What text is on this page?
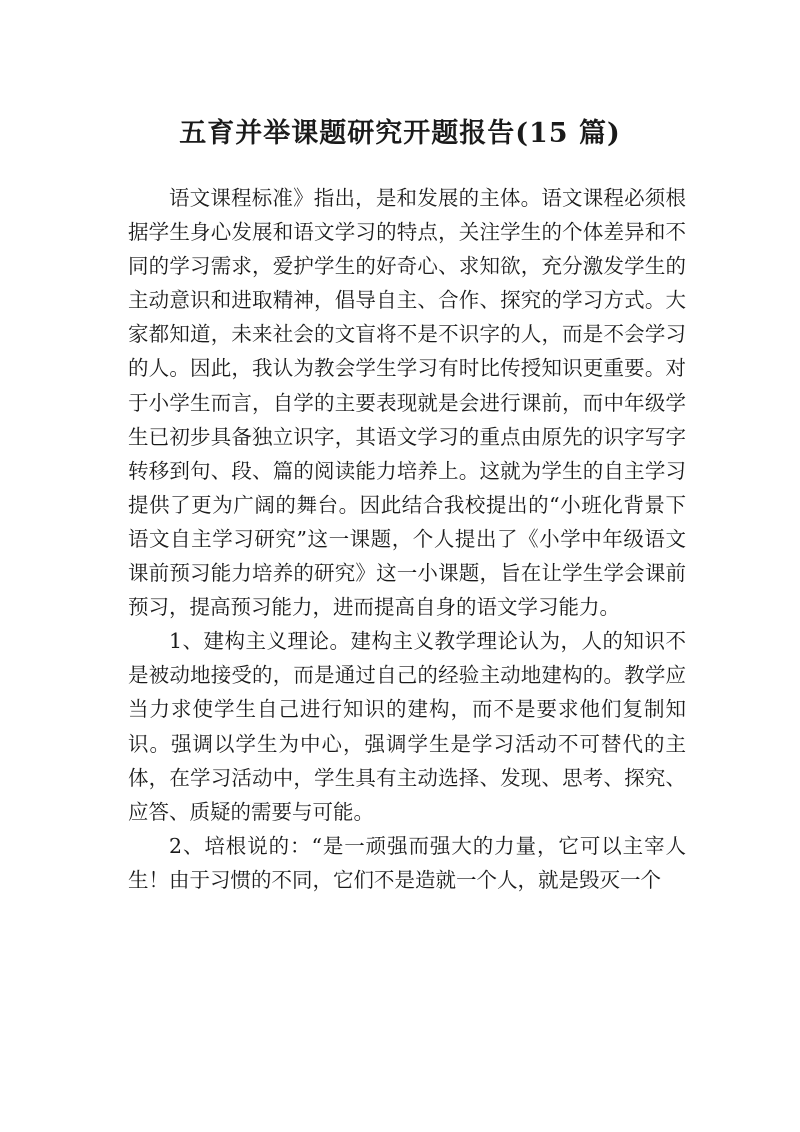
五育并举课题研究开题报告(15 篇)

语文课程标准》指出，是和发展的主体。语文课程必须根据学生身心发展和语文学习的特点，关注学生的个体差异和不同的学习需求，爱护学生的好奇心、求知欲，充分激发学生的主动意识和进取精神，倡导自主、合作、探究的学习方式。大家都知道，未来社会的文盲将不是不识字的人，而是不会学习的人。因此，我认为教会学生学习有时比传授知识更重要。对于小学生而言，自学的主要表现就是会进行课前，而中年级学生已初步具备独立识字，其语文学习的重点由原先的识字写字转移到句、段、篇的阅读能力培养上。这就为学生的自主学习提供了更为广阔的舞台。因此结合我校提出的“小班化背景下语文自主学习研究”这一课题，个人提出了《小学中年级语文课前预习能力培养的研究》这一小课题，旨在让学生学会课前预习，提高预习能力，进而提高自身的语文学习能力。

1、建构主义理论。建构主义教学理论认为，人的知识不是被动地接受的，而是通过自己的经验主动地建构的。教学应当力求使学生自己进行知识的建构，而不是要求他们复制知识。强调以学生为中心，强调学生是学习活动不可替代的主体，在学习活动中，学生具有主动选择、发现、思考、探究、应答、质疑的需要与可能。

2、培根说的：“是一顽强而强大的力量，它可以主宰人生！由于习惯的不同，它们不是造就一个人，就是毁灭一个
